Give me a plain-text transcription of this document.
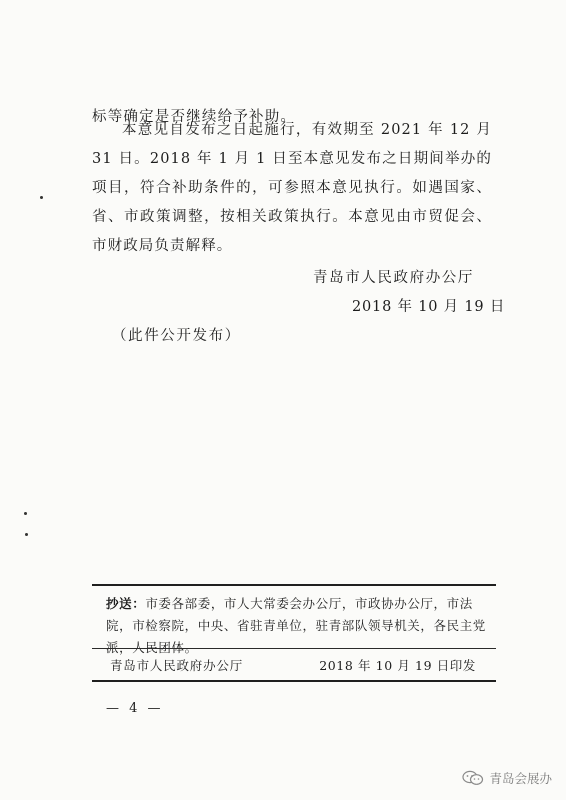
标等确定是否继续给予补助。
本意见自发布之日起施行，有效期至 2021 年 12 月 31 日。2018 年 1 月 1 日至本意见发布之日期间举办的项目，符合补助条件的，可参照本意见执行。如遇国家、省、市政策调整，按相关政策执行。本意见由市贸促会、市财政局负责解释。
青岛市人民政府办公厅
2018 年 10 月 19 日
（此件公开发布）
抄送：市委各部委，市人大常委会办公厅，市政协办公厅，市法院，市检察院，中央、省驻青单位，驻青部队领导机关，各民主党派，人民团体。
青岛市人民政府办公厅	2018 年 10 月 19 日印发
— 4 —
青岛会展办
